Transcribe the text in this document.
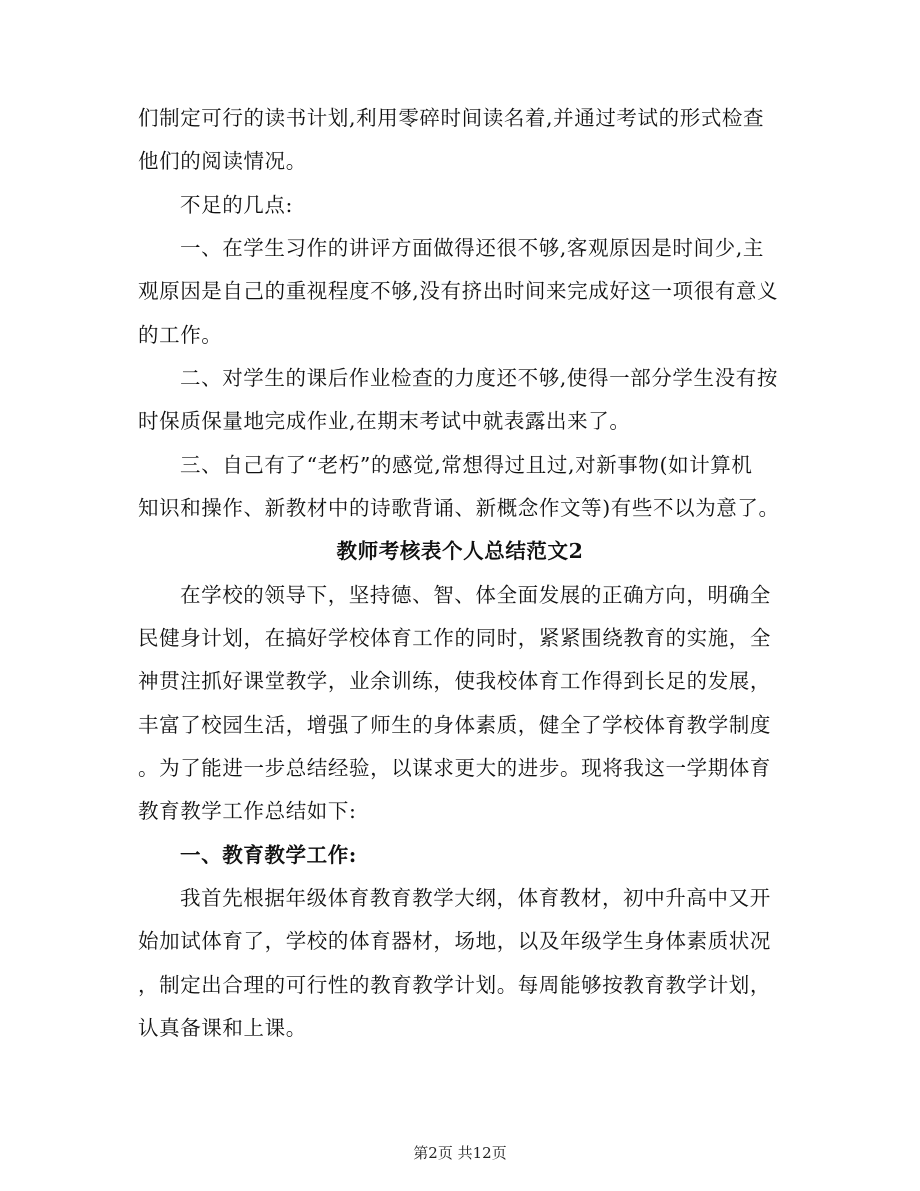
们制定可行的读书计划,利用零碎时间读名着,并通过考试的形式检查
他们的阅读情况。
不足的几点:
一、在学生习作的讲评方面做得还很不够,客观原因是时间少,主
观原因是自己的重视程度不够,没有挤出时间来完成好这一项很有意义
的工作。
二、对学生的课后作业检查的力度还不够,使得一部分学生没有按
时保质保量地完成作业,在期末考试中就表露出来了。
三、自己有了“老朽”的感觉,常想得过且过,对新事物(如计算机
知识和操作、新教材中的诗歌背诵、新概念作文等)有些不以为意了。
教师考核表个人总结范文2
在学校的领导下，坚持德、智、体全面发展的正确方向，明确全
民健身计划，在搞好学校体育工作的同时，紧紧围绕教育的实施，全
神贯注抓好课堂教学，业余训练，使我校体育工作得到长足的发展，
丰富了校园生活，增强了师生的身体素质，健全了学校体育教学制度
。为了能进一步总结经验，以谋求更大的进步。现将我这一学期体育
教育教学工作总结如下:
一、教育教学工作:
我首先根据年级体育教育教学大纲，体育教材，初中升高中又开
始加试体育了，学校的体育器材，场地，以及年级学生身体素质状况
，制定出合理的可行性的教育教学计划。每周能够按教育教学计划，
认真备课和上课。
第2页 共12页
